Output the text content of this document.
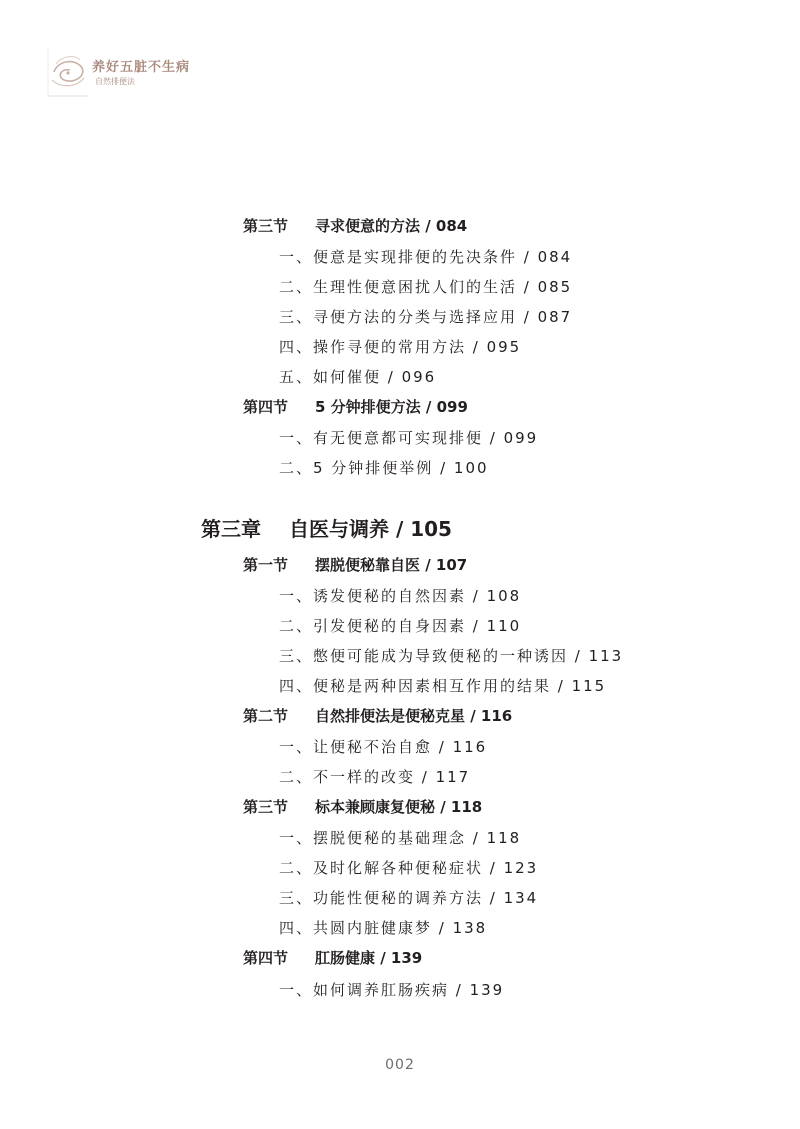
养好五脏不生病
自然排便法
第三节 寻求便意的方法 / 084
一、便意是实现排便的先决条件 / 084
二、生理性便意困扰人们的生活 / 085
三、寻便方法的分类与选择应用 / 087
四、操作寻便的常用方法 / 095
五、如何催便 / 096
第四节 5 分钟排便方法 / 099
一、有无便意都可实现排便 / 099
二、5 分钟排便举例 / 100
第三章 自医与调养 / 105
第一节 摆脱便秘靠自医 / 107
一、诱发便秘的自然因素 / 108
二、引发便秘的自身因素 / 110
三、憋便可能成为导致便秘的一种诱因 / 113
四、便秘是两种因素相互作用的结果 / 115
第二节 自然排便法是便秘克星 / 116
一、让便秘不治自愈 / 116
二、不一样的改变 / 117
第三节 标本兼顾康复便秘 / 118
一、摆脱便秘的基础理念 / 118
二、及时化解各种便秘症状 / 123
三、功能性便秘的调养方法 / 134
四、共圆内脏健康梦 / 138
第四节 肛肠健康 / 139
一、如何调养肛肠疾病 / 139
002
